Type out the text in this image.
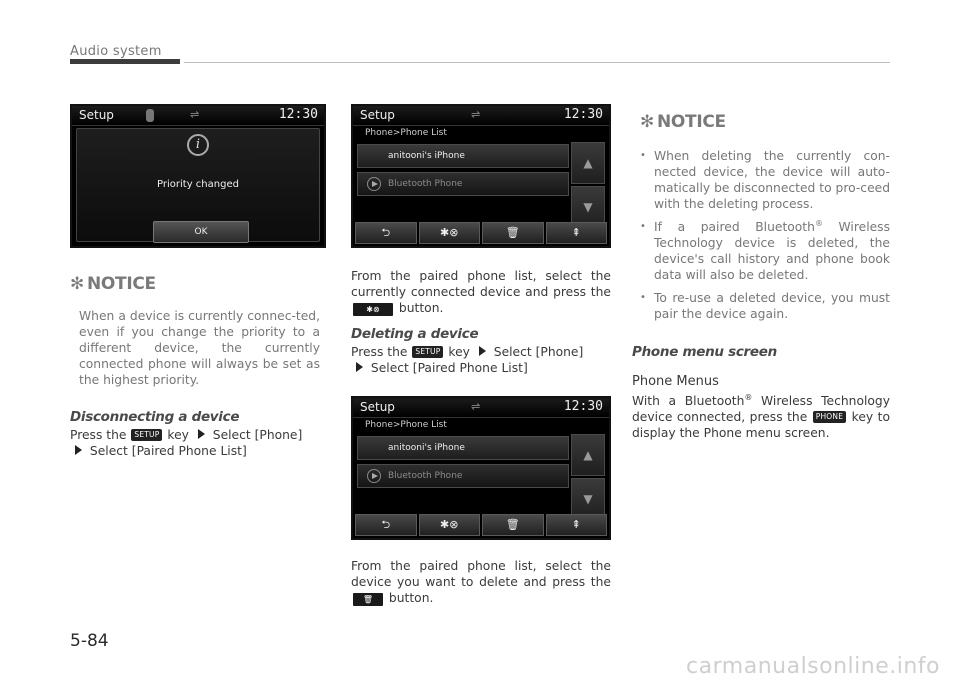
Audio system
Setup	⇌	12:30
i
Priority changed
OK
✻ NOTICE

When a device is currently connec-ted, even if you change the priority to a different device, the currently connected phone will always be set as the highest priority.

Disconnecting a device

Press the SETUP key Select [Phone]
Select [Paired Phone List]

Setup	⇌	12:30
Phone>Phone List
anitooni's iPhone
Bluetooth Phone
▲
▼
⮌	✱⊗	🗑	⇞

From the paired phone list, select the currently connected device and press the ✱⊗ button.

Deleting a device

Press the SETUP key Select [Phone]
Select [Paired Phone List]

Setup	⇌	12:30
Phone>Phone List
anitooni's iPhone
Bluetooth Phone
▲
▼
⮌	✱⊗	🗑	⇞

From the paired phone list, select the device you want to delete and press the 🗑 button.

✻ NOTICE
• When deleting the currently con-nected device, the device will auto-matically be disconnected to pro-ceed with the deleting process.
• If a paired Bluetooth® Wireless Technology device is deleted, the device's call history and phone book data will also be deleted.
• To re-use a deleted device, you must pair the device again.
Phone menu screen
Phone Menus

With a Bluetooth® Wireless Technology device connected, press the PHONE key to display the Phone menu screen.

5-84
carmanualsonline.info
